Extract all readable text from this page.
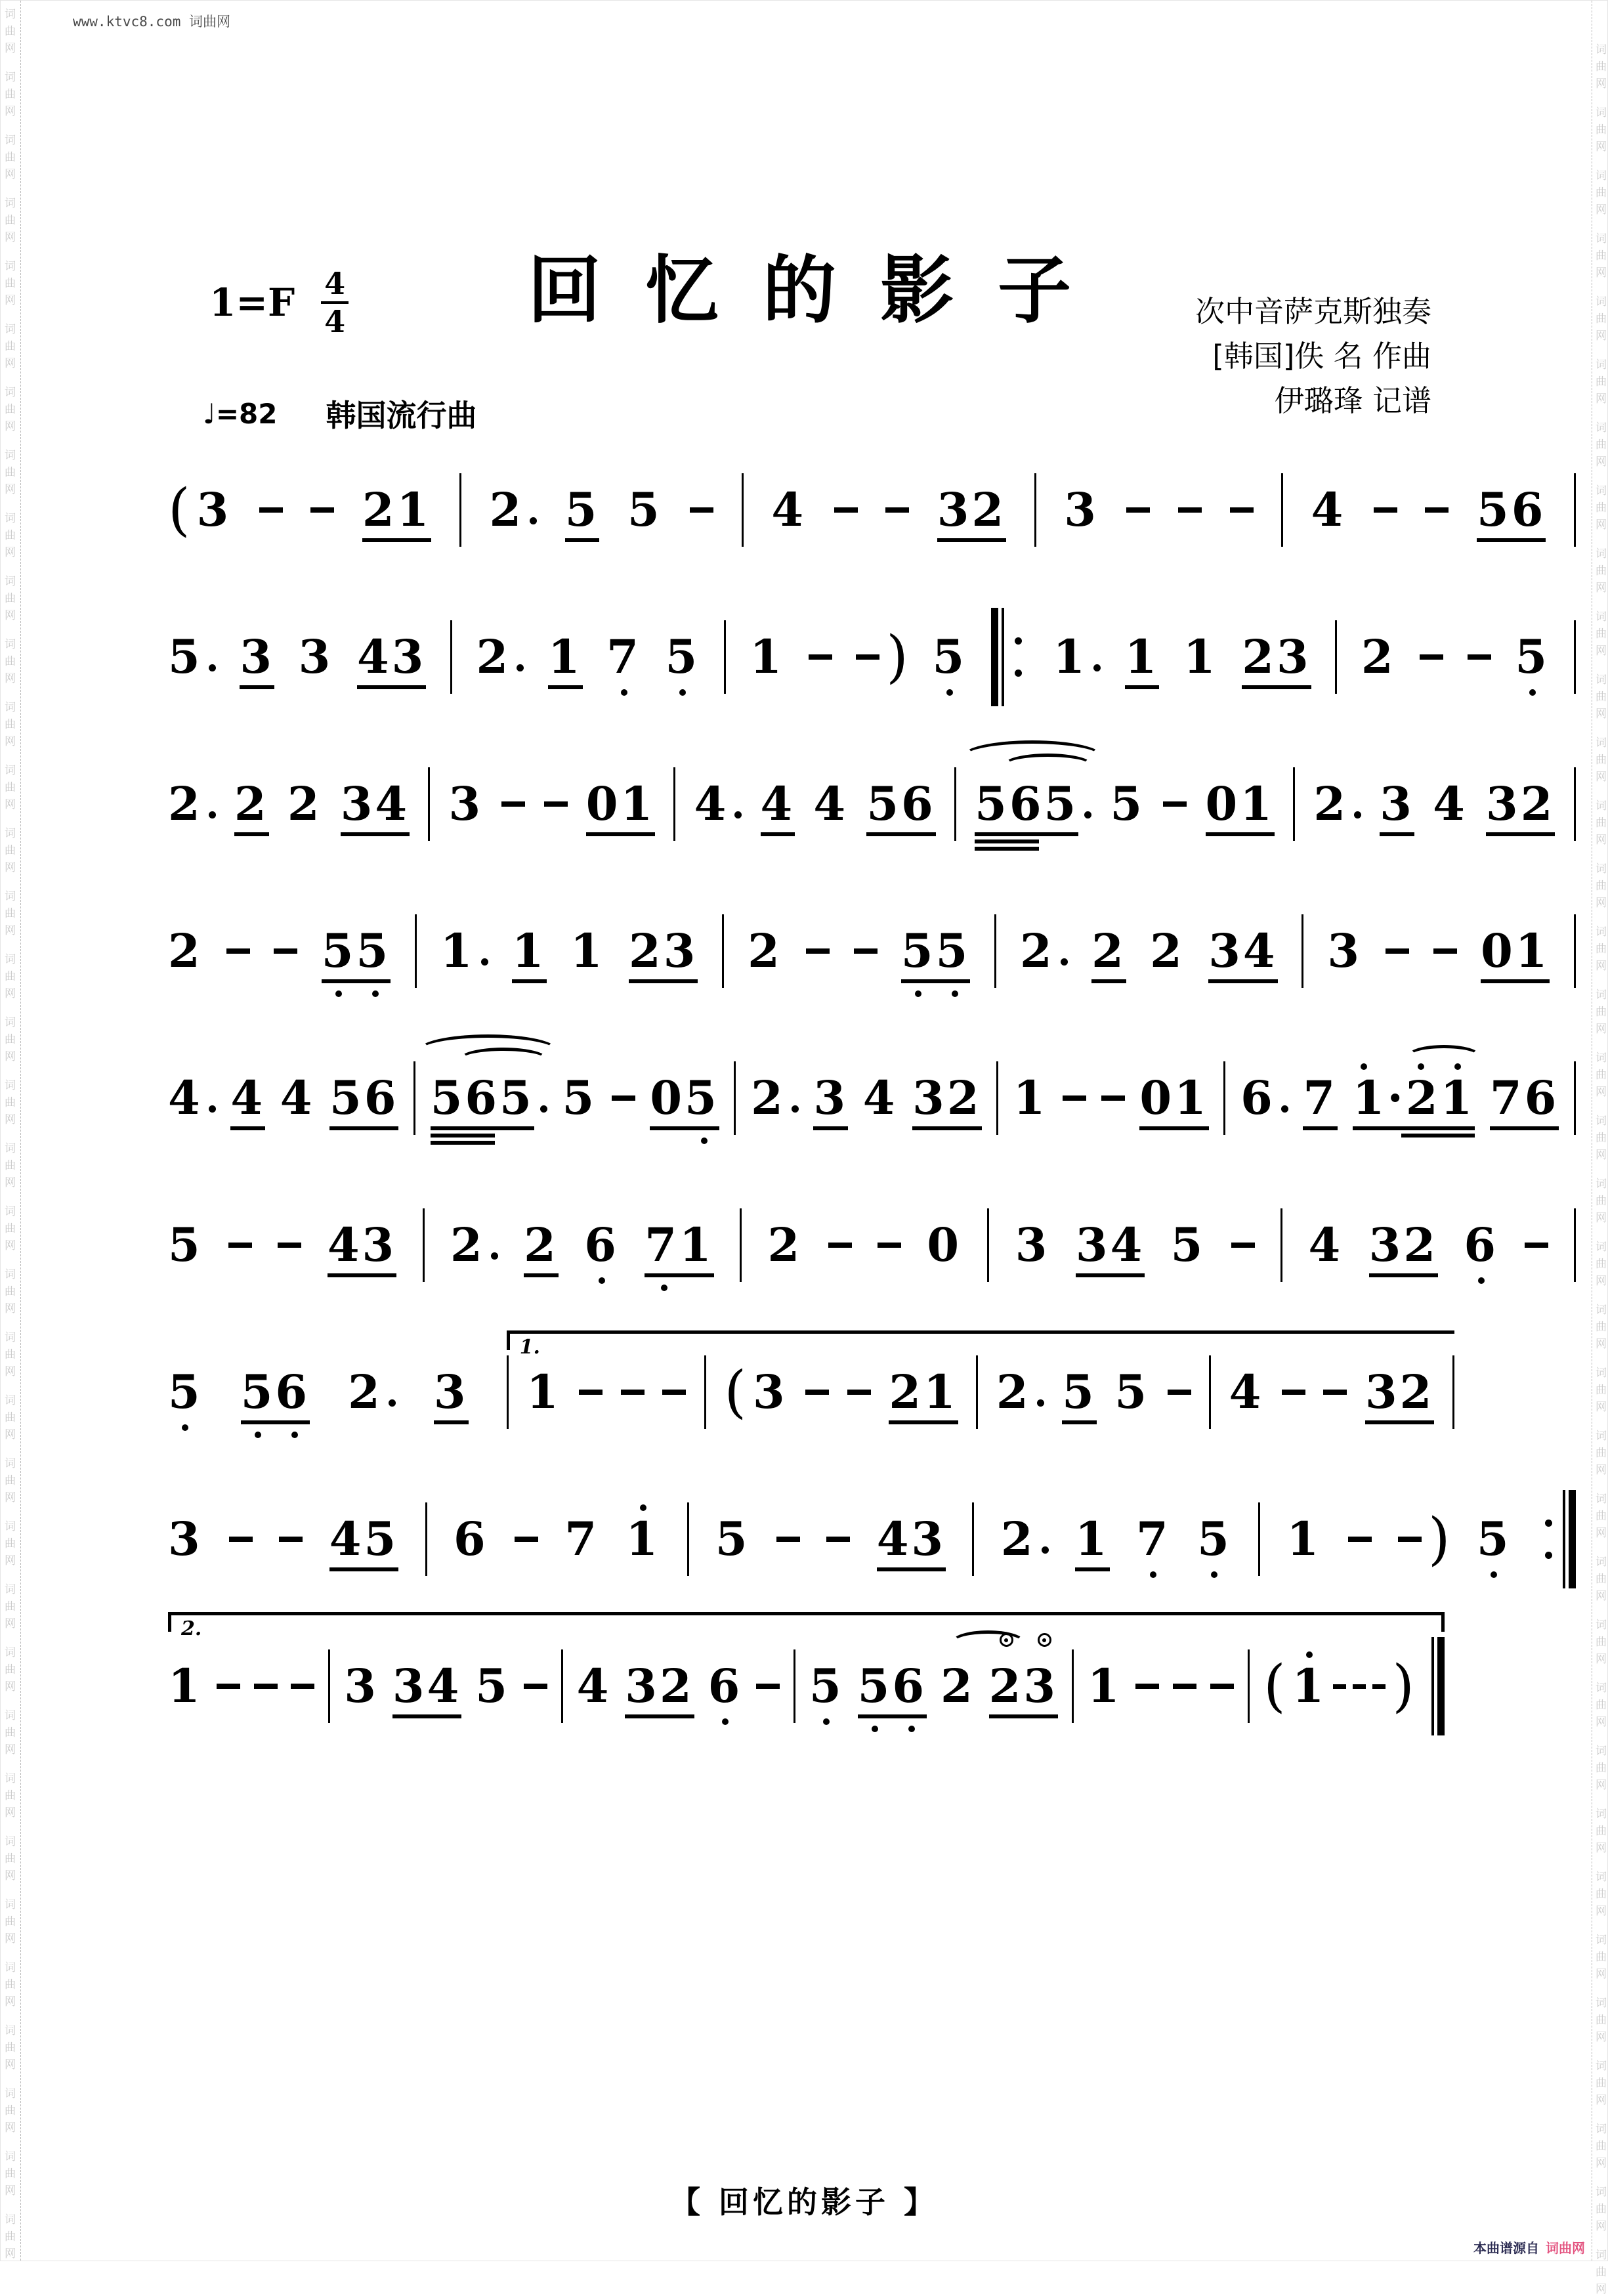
www.ktvc8.com 词曲网
词
曲
网
词
曲
网
词
曲
网
词
曲
网
词
曲
网
词
曲
网
词
曲
网
词
曲
网
词
曲
网
词
曲
网
词
曲
网
词
曲
网
词
曲
网
词
曲
网
词
曲
网
词
曲
网
词
曲
网
词
曲
网
词
曲
网
词
曲
网
词
曲
网
词
曲
网
词
曲
网
词
曲
网
词
曲
网
词
曲
网
词
曲
网
词
曲
网
词
曲
网
词
曲
网
词
曲
网
词
曲
网
词
曲
网
词
曲
网
词
曲
网
词
曲
网
词
曲
网
词
曲
网
词
曲
网
词
曲
网
词
曲
网
词
曲
网
词
曲
网
词
曲
网
词
曲
网
词
曲
网
词
曲
网
词
曲
网
词
曲
网
词
曲
网
词
曲
网
词
曲
网
词
曲
网
词
曲
网
词
曲
网
词
曲
网
词
曲
网
词
曲
网
词
曲
网
词
曲
网
词
曲
网
词
曲
网
词
曲
网
词
曲
网
词
曲
网
词
曲
网
词
曲
网
词
曲
网
词
曲
网
词
曲
网
词
曲
网
词
曲
网
回 忆 的 影 子
1=F 4
4	次中音萨克斯独奏
[韩国]佚 名 作曲
伊璐琒 记谱
♩ =82 韩国流行曲
( 3	21 2 5 5 4	32 3	4	56
5 3 3 43 2 1 7 5 1 ) 5 1 1 1 23 2	5
2 2 2 34 3 01 4 4 4 56 565 5 01 2 3 4 32
2	55 1 1 1 23 2	55 2 2 2 34 3	01
4 4 4 56 565 5 05 2 3 4 32 1 01 6 7 1·21 76
5	43 2 2 6 71 2	0 3 34 5 4 32 6
5 56 2 3
1.
1	( 3 21 2 5 5 4 32
3	45 6 7 1 5	43 2 1 7 5 1 ) 5
2.
1	3 34 5 4 32 6 5 56 2 23 1	( 1 )
【 回忆的影子 】
本曲谱源自 词曲网
